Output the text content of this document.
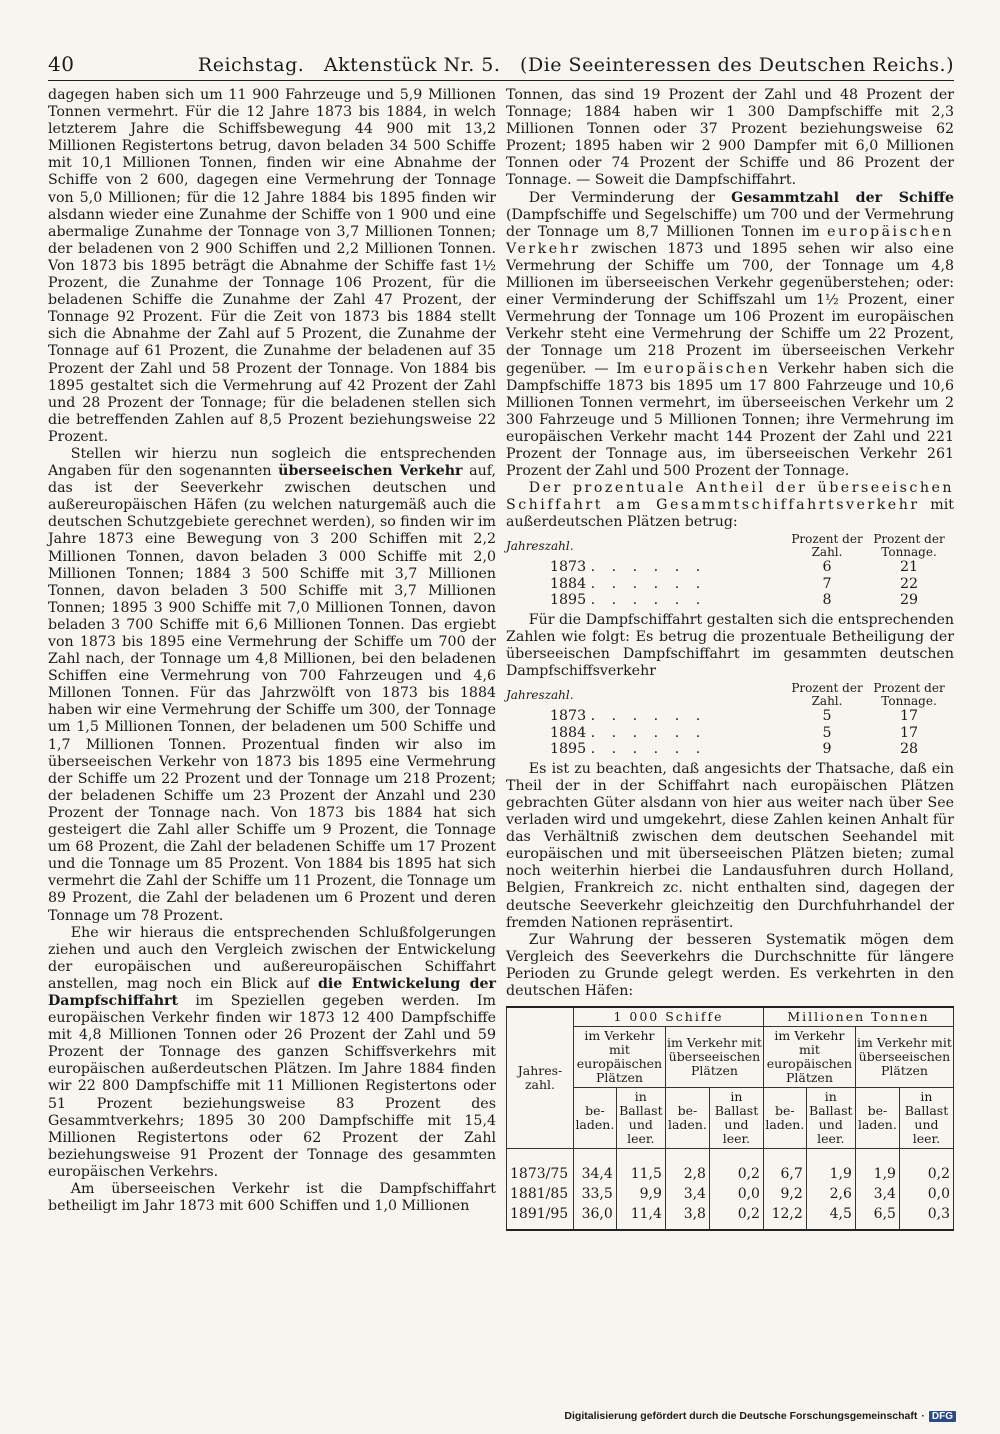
40	Reichstag.   Aktenstück Nr. 5.   (Die Seeinteressen des Deutschen Reichs.)

dagegen haben sich um 11 900 Fahrzeuge und 5,9 Millionen Tonnen vermehrt. Für die 12 Jahre 1873 bis 1884, in welch letzterem Jahre die Schiffsbewegung 44 900 mit 13,2 Millionen Registertons betrug, davon beladen 34 500 Schiffe mit 10,1 Millionen Tonnen, finden wir eine Abnahme der Schiffe von 2 600, dagegen eine Vermehrung der Tonnage von 5,0 Millionen; für die 12 Jahre 1884 bis 1895 finden wir alsdann wieder eine Zunahme der Schiffe von 1 900 und eine abermalige Zunahme der Tonnage von 3,7 Millionen Tonnen; der beladenen von 2 900 Schiffen und 2,2 Millionen Tonnen. Von 1873 bis 1895 beträgt die Abnahme der Schiffe fast 1½ Prozent, die Zunahme der Tonnage 106 Prozent, für die beladenen Schiffe die Zunahme der Zahl 47 Prozent, der Tonnage 92 Prozent. Für die Zeit von 1873 bis 1884 stellt sich die Abnahme der Zahl auf 5 Prozent, die Zunahme der Tonnage auf 61 Prozent, die Zunahme der beladenen auf 35 Prozent der Zahl und 58 Prozent der Tonnage. Von 1884 bis 1895 gestaltet sich die Vermehrung auf 42 Prozent der Zahl und 28 Prozent der Tonnage; für die beladenen stellen sich die betreffenden Zahlen auf 8,5 Prozent beziehungsweise 22 Prozent.

Stellen wir hierzu nun sogleich die entsprechenden Angaben für den sogenannten überseeischen Verkehr auf, das ist der Seeverkehr zwischen deutschen und außereuropäischen Häfen (zu welchen naturgemäß auch die deutschen Schutzgebiete gerechnet werden), so finden wir im Jahre 1873 eine Bewegung von 3 200 Schiffen mit 2,2 Millionen Tonnen, davon beladen 3 000 Schiffe mit 2,0 Millionen Tonnen; 1884 3 500 Schiffe mit 3,7 Millionen Tonnen, davon beladen 3 500 Schiffe mit 3,7 Millionen Tonnen; 1895 3 900 Schiffe mit 7,0 Millionen Tonnen, davon beladen 3 700 Schiffe mit 6,6 Millionen Tonnen. Das ergiebt von 1873 bis 1895 eine Vermehrung der Schiffe um 700 der Zahl nach, der Tonnage um 4,8 Millionen, bei den beladenen Schiffen eine Vermehrung von 700 Fahrzeugen und 4,6 Millonen Tonnen. Für das Jahrzwölft von 1873 bis 1884 haben wir eine Vermehrung der Schiffe um 300, der Tonnage um 1,5 Millionen Tonnen, der beladenen um 500 Schiffe und 1,7 Millionen Tonnen. Prozentual finden wir also im überseeischen Verkehr von 1873 bis 1895 eine Vermehrung der Schiffe um 22 Prozent und der Tonnage um 218 Prozent; der beladenen Schiffe um 23 Prozent der Anzahl und 230 Prozent der Tonnage nach. Von 1873 bis 1884 hat sich gesteigert die Zahl aller Schiffe um 9 Prozent, die Tonnage um 68 Prozent, die Zahl der beladenen Schiffe um 17 Prozent und die Tonnage um 85 Prozent. Von 1884 bis 1895 hat sich vermehrt die Zahl der Schiffe um 11 Prozent, die Tonnage um 89 Prozent, die Zahl der beladenen um 6 Prozent und deren Tonnage um 78 Prozent.

Ehe wir hieraus die entsprechenden Schlußfolgerungen ziehen und auch den Vergleich zwischen der Entwickelung der europäischen und außereuropäischen Schiffahrt anstellen, mag noch ein Blick auf die Entwickelung der Dampfschiffahrt im Speziellen gegeben werden. Im europäischen Verkehr finden wir 1873 12 400 Dampfschiffe mit 4,8 Millionen Tonnen oder 26 Prozent der Zahl und 59 Prozent der Tonnage des ganzen Schiffsverkehrs mit europäischen außerdeutschen Plätzen. Im Jahre 1884 finden wir 22 800 Dampfschiffe mit 11 Millionen Registertons oder 51 Prozent beziehungsweise 83 Prozent des Gesammtverkehrs; 1895 30 200 Dampfschiffe mit 15,4 Millionen Registertons oder 62 Prozent der Zahl beziehungsweise 91 Prozent der Tonnage des gesammten europäischen Verkehrs.

Am überseeischen Verkehr ist die Dampfschiffahrt betheiligt im Jahr 1873 mit 600 Schiffen und 1,0 Millionen

Tonnen, das sind 19 Prozent der Zahl und 48 Prozent der Tonnage; 1884 haben wir 1 300 Dampfschiffe mit 2,3 Millionen Tonnen oder 37 Prozent beziehungsweise 62 Prozent; 1895 haben wir 2 900 Dampfer mit 6,0 Millionen Tonnen oder 74 Prozent der Schiffe und 86 Prozent der Tonnage. — Soweit die Dampfschiffahrt.

Der Verminderung der Gesammtzahl der Schiffe (Dampfschiffe und Segelschiffe) um 700 und der Vermehrung der Tonnage um 8,7 Millionen Tonnen im europäischen Verkehr zwischen 1873 und 1895 sehen wir also eine Vermehrung der Schiffe um 700, der Tonnage um 4,8 Millionen im überseeischen Verkehr gegenüberstehen; oder: einer Verminderung der Schiffszahl um 1½ Prozent, einer Vermehrung der Tonnage um 106 Prozent im europäischen Verkehr steht eine Vermehrung der Schiffe um 22 Prozent, der Tonnage um 218 Prozent im überseeischen Verkehr gegenüber. — Im europäischen Verkehr haben sich die Dampfschiffe 1873 bis 1895 um 17 800 Fahrzeuge und 10,6 Millionen Tonnen vermehrt, im überseeischen Verkehr um 2 300 Fahrzeuge und 5 Millionen Tonnen; ihre Vermehrung im europäischen Verkehr macht 144 Prozent der Zahl und 221 Prozent der Tonnage aus, im überseeischen Verkehr 261 Prozent der Zahl und 500 Prozent der Tonnage.

Der prozentuale Antheil der überseeischen Schiffahrt am Gesammtschiffahrtsverkehr mit außerdeutschen Plätzen betrug:

Jahreszahl.	Prozent der Zahl.	Prozent der Tonnage.
1873 . . . . . .	6	21
1884 . . . . . .	7	22
1895 . . . . . .	8	29

Für die Dampfschiffahrt gestalten sich die entsprechenden Zahlen wie folgt: Es betrug die prozentuale Betheiligung der überseeischen Dampfschiffahrt im gesammten deutschen Dampfschiffsverkehr

Jahreszahl.	Prozent der Zahl.	Prozent der Tonnage.
1873 . . . . . .	5	17
1884 . . . . . .	5	17
1895 . . . . . .	9	28

Es ist zu beachten, daß angesichts der Thatsache, daß ein Theil der in der Schiffahrt nach europäischen Plätzen gebrachten Güter alsdann von hier aus weiter nach über See verladen wird und umgekehrt, diese Zahlen keinen Anhalt für das Verhältniß zwischen dem deutschen Seehandel mit europäischen und mit überseeischen Plätzen bieten; zumal noch weiterhin hierbei die Landausfuhren durch Holland, Belgien, Frankreich zc. nicht enthalten sind, dagegen der deutsche Seeverkehr gleichzeitig den Durchfuhrhandel der fremden Nationen repräsentirt.

Zur Wahrung der besseren Systematik mögen dem Vergleich des Seeverkehrs die Durchschnitte für längere Perioden zu Grunde gelegt werden. Es verkehrten in den deutschen Häfen:

Jahres-zahl.	1 000 Schiffe				Millionen Tonnen			
	im Verkehr mit europäischen Plätzen		im Verkehr mit überseeischen Plätzen		im Verkehr mit europäischen Plätzen		im Verkehr mit überseeischen Plätzen	
	be-laden.	in Ballast und leer.	be-laden.	in Ballast und leer.	be-laden.	in Ballast und leer.	be-laden.	in Ballast und leer.
1873/75	34,4	11,5	2,8	0,2	6,7	1,9	1,9	0,2
1881/85	33,5	9,9	3,4	0,0	9,2	2,6	3,4	0,0
1891/95	36,0	11,4	3,8	0,2	12,2	4,5	6,5	0,3
Digitalisierung gefördert durch die Deutsche Forschungsgemeinschaft · DFG
